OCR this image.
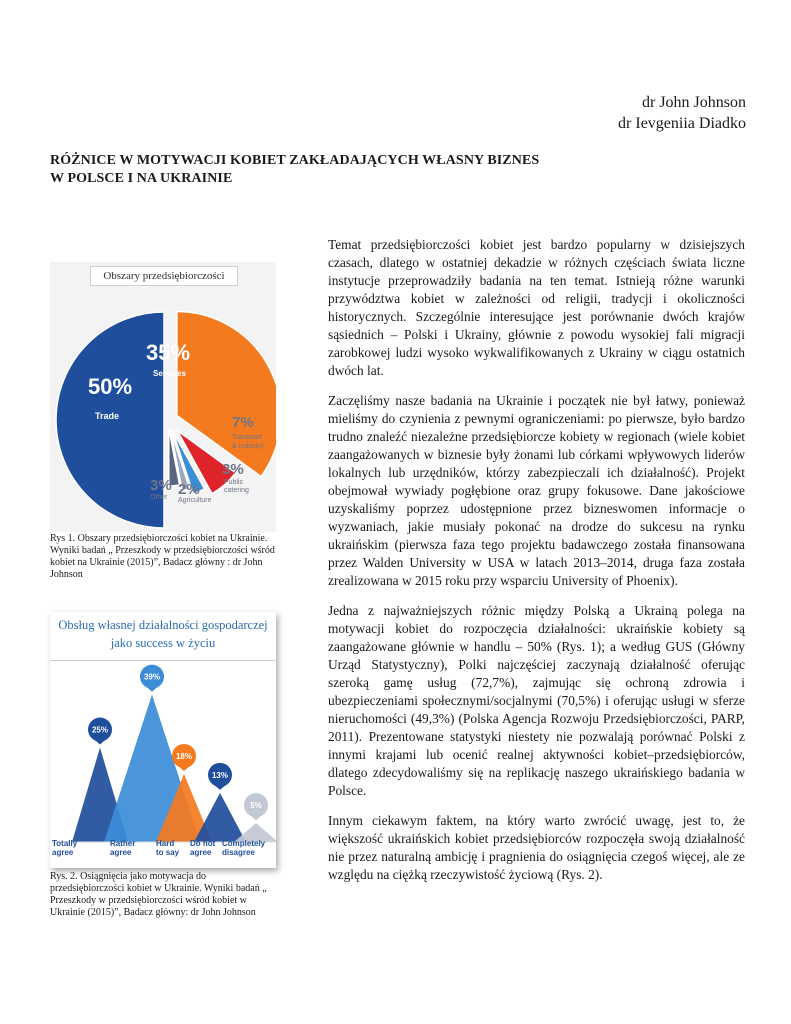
dr John Johnson
dr Ievgeniia Diadko
RÓŻNICE W MOTYWACJI KOBIET ZAKŁADAJĄCYCH WŁASNY BIZNES
W POLSCE I NA UKRAINIE
50%
Trade
35%
Services
7%
Transport
& Industry
3%
Public
catering
2%
Agriculture
3%
Other
Obszary przedsiębiorczości
Rys 1. Obszary przedsiębiorczości kobiet na Ukrainie. Wyniki badań „ Przeszkody w przedsiębiorczości wśród kobiet na Ukrainie (2015)”, Badacz główny : dr John Johnson
25%
39%
18%
13%
5%
Totally
agree
Rather
agree
Hard
to say
Do not
agree
Completely
disagree
Obsług własnej działalności gospodarczej jako success w życiu
Rys. 2. Osiągnięcia jako motywacja do przedsiębiorczości kobiet w Ukrainie. Wyniki badań „ Przeszkody w przedsiębiorczości wśród kobiet w Ukrainie (2015)”, Badacz główny: dr John Johnson

Temat przedsiębiorczości kobiet jest bardzo popularny w dzisiejszych czasach, dlatego w ostatniej dekadzie w różnych częściach świata liczne instytucje przeprowadziły badania na ten temat. Istnieją różne warunki przywództwa kobiet w zależności od religii, tradycji i okoliczności historycznych. Szczególnie interesujące jest porównanie dwóch krajów sąsiednich – Polski i Ukrainy, głównie z powodu wysokiej fali migracji zarobkowej ludzi wysoko wykwalifikowanych z Ukrainy w ciągu ostatnich dwóch lat.

Zaczęliśmy nasze badania na Ukrainie i początek nie był łatwy, ponieważ mieliśmy do czynienia z pewnymi ograniczeniami: po pierwsze, było bardzo trudno znaleźć niezależne przedsiębiorcze kobiety w regionach (wiele kobiet zaangażowanych w biznesie były żonami lub córkami wpływowych liderów lokalnych lub urzędników, którzy zabezpieczali ich działalność). Projekt obejmował wywiady pogłębione oraz grupy fokusowe. Dane jakościowe uzyskaliśmy poprzez udostępnione przez bizneswomen informacje o wyzwaniach, jakie musiały pokonać na drodze do sukcesu na rynku ukraińskim (pierwsza faza tego projektu badawczego została finansowana przez Walden University w USA w latach 2013–2014, druga faza została zrealizowana w 2015 roku przy wsparciu University of Phoenix).

Jedna z najważniejszych różnic między Polską a Ukrainą polega na motywacji kobiet do rozpoczęcia działalności: ukraińskie kobiety są zaangażowane głównie w handlu – 50% (Rys. 1); a według GUS (Główny Urząd Statystyczny), Polki najczęściej zaczynają działalność oferując szeroką gamę usług (72,7%), zajmując się ochroną zdrowia i ubezpieczeniami społecznymi/socjalnymi (70,5%) i oferując usługi w sferze nieruchomości (49,3%) (Polska Agencja Rozwoju Przedsiębiorczości, PARP, 2011). Prezentowane statystyki niestety nie pozwalają porównać Polski z innymi krajami lub ocenić realnej aktywności kobiet–przedsiębiorców, dlatego zdecydowaliśmy się na replikację naszego ukraińskiego badania w Polsce.

Innym ciekawym faktem, na który warto zwrócić uwagę, jest to, że większość ukraińskich kobiet przedsiębiorców rozpoczęła swoją działalność nie przez naturalną ambicję i pragnienia do osiągnięcia czegoś więcej, ale ze względu na ciężką rzeczywistość życiową (Rys. 2).
